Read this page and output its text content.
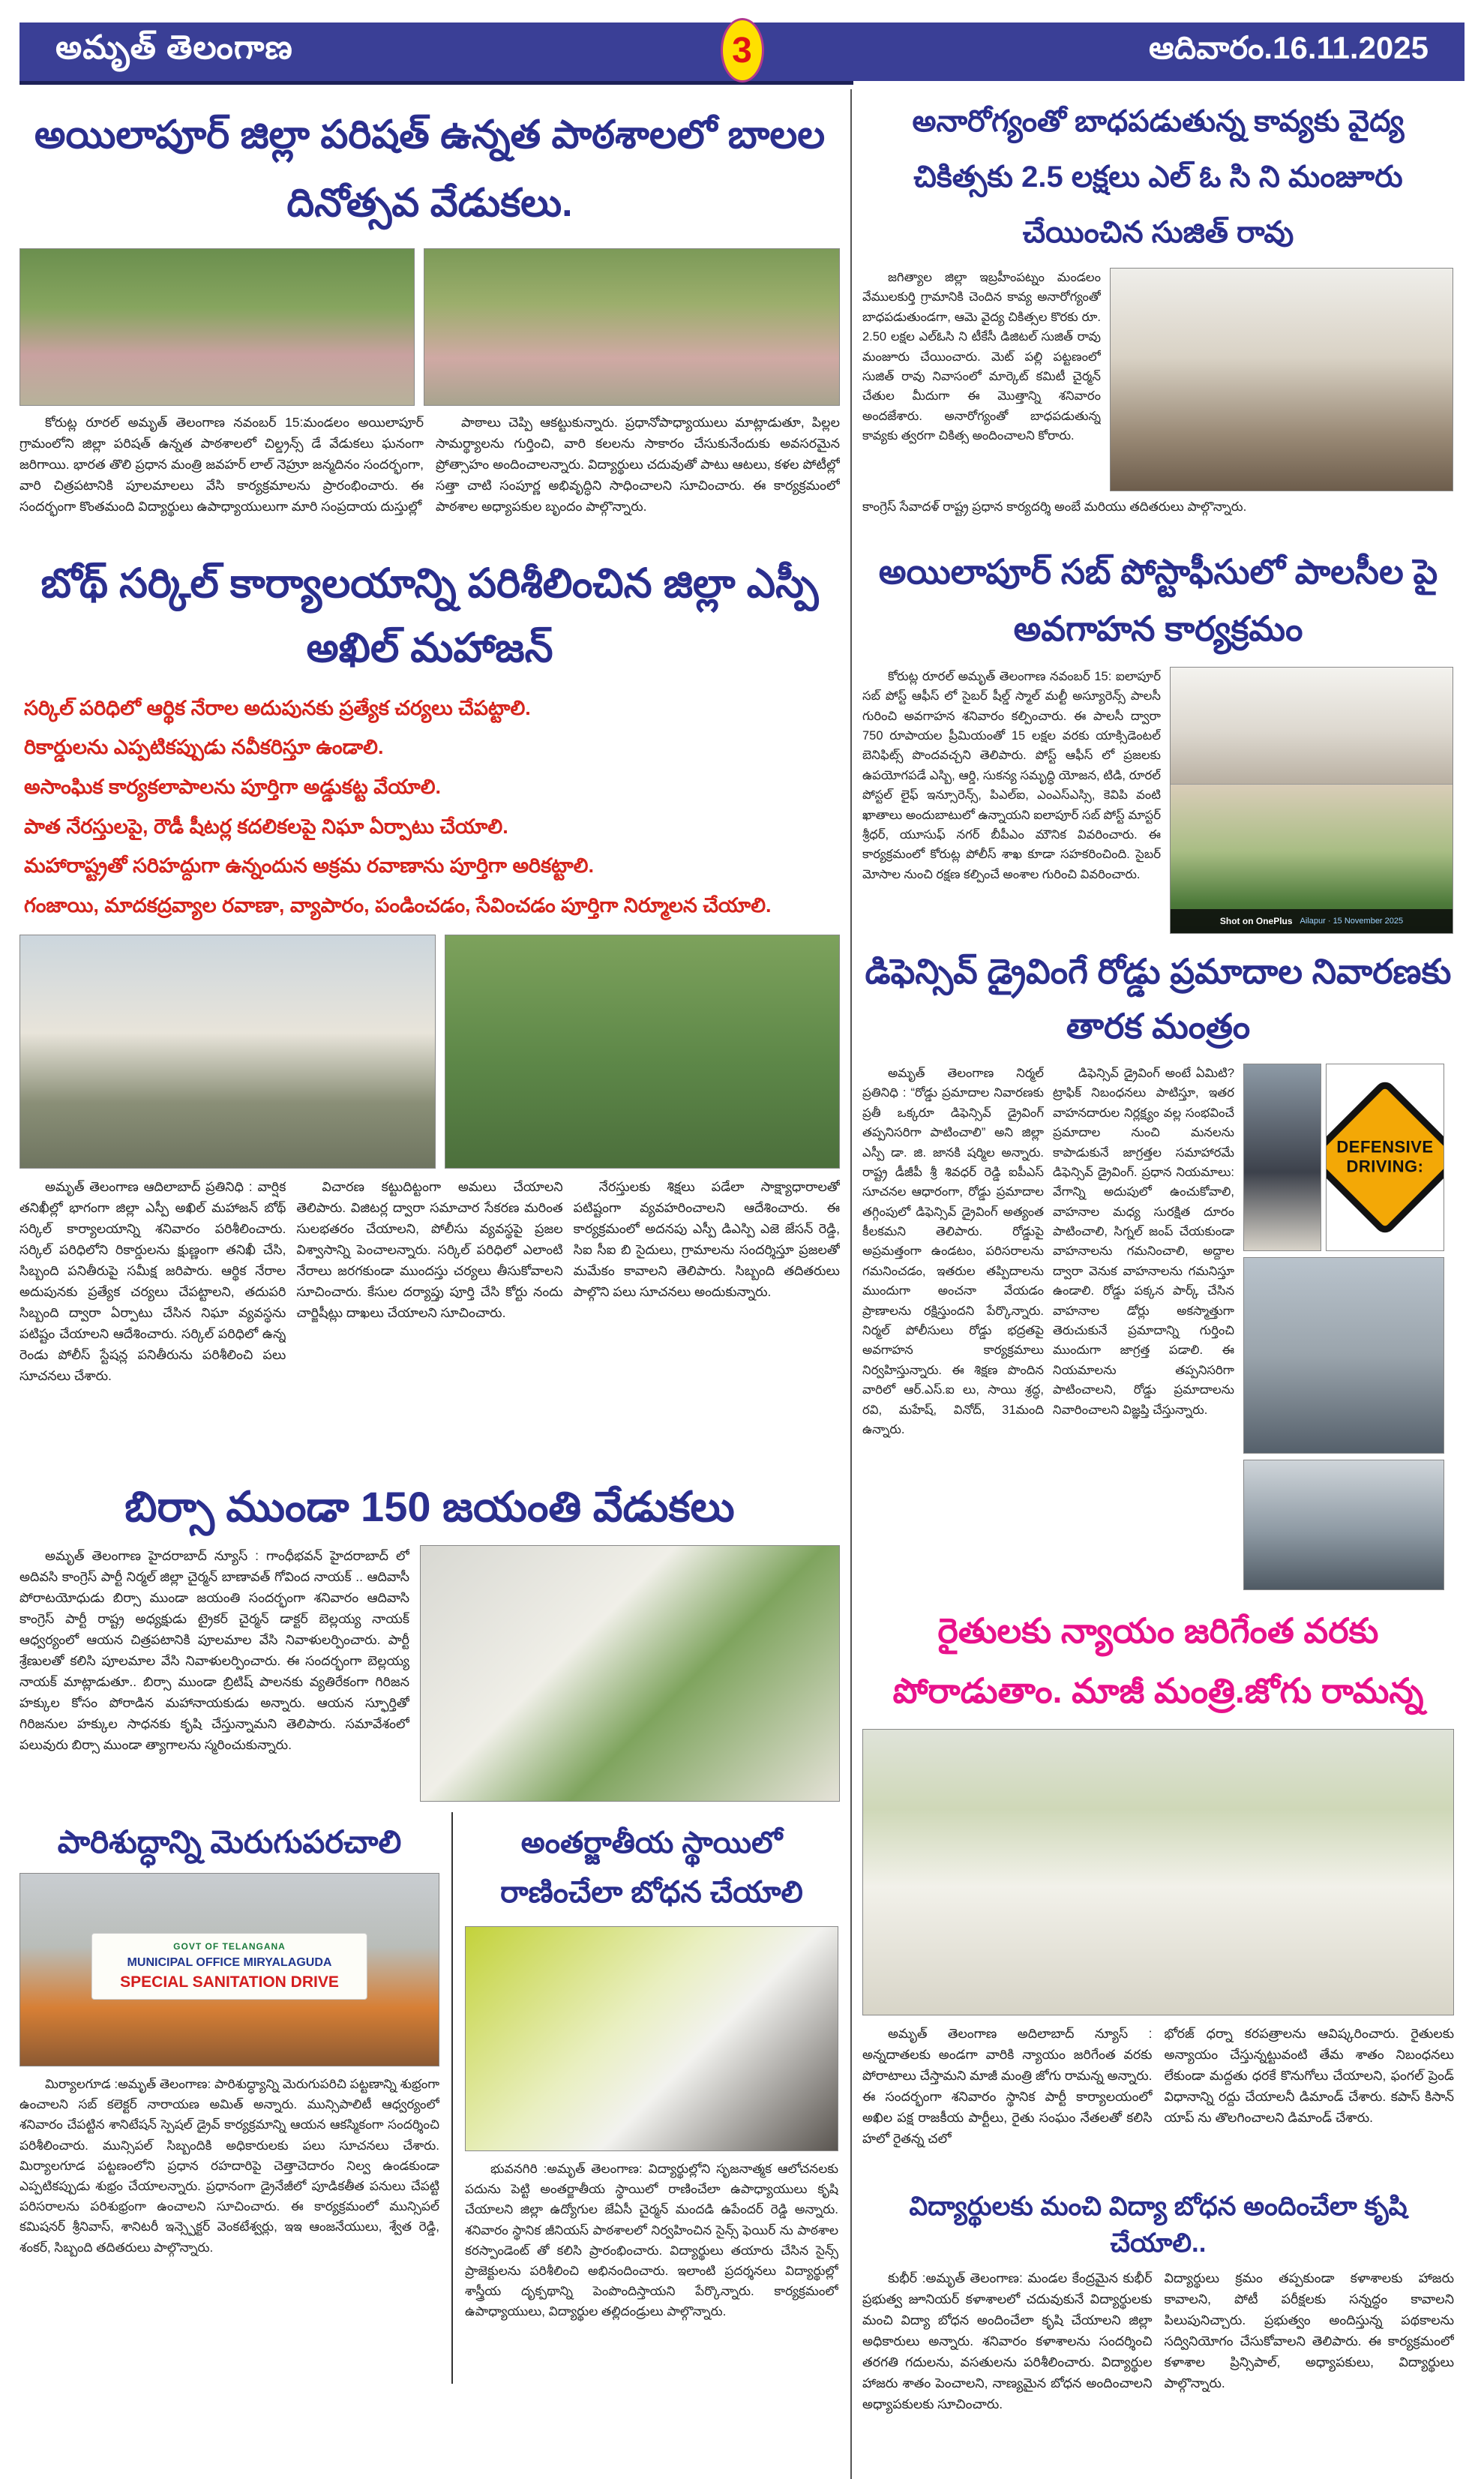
అమృత్ తెలంగాణ	3	ఆదివారం.16.11.2025
అయిలాపూర్ జిల్లా పరిషత్ ఉన్నత పాఠశాలలో బాలల దినోత్సవ వేడుకలు.

కోరుట్ల రూరల్ అమృత్ తెలంగాణ నవంబర్ 15:మండలం అయిలాపూర్ గ్రామంలోని జిల్లా పరిషత్ ఉన్నత పాఠశాలలో చిల్డ్రన్స్ డే వేడుకలు ఘనంగా జరిగాయి. భారత తొలి ప్రధాన మంత్రి జవహర్ లాల్ నెహ్రూ జన్మదినం సందర్భంగా, వారి చిత్రపటానికి పూలమాలలు వేసి కార్యక్రమాలను ప్రారంభించారు. ఈ సందర్భంగా కొంతమంది విద్యార్థులు ఉపాధ్యాయులుగా మారి సంప్రదాయ దుస్తుల్లో

పాఠాలు చెప్పి ఆకట్టుకున్నారు. ప్రధానోపాధ్యాయులు మాట్లాడుతూ, పిల్లల సామర్థ్యాలను గుర్తించి, వారి కలలను సాకారం చేసుకునేందుకు అవసరమైన ప్రోత్సాహం అందించాలన్నారు. విద్యార్థులు చదువుతో పాటు ఆటలు, కళల పోటీల్లో సత్తా చాటి సంపూర్ణ అభివృద్ధిని సాధించాలని సూచించారు. ఈ కార్యక్రమంలో పాఠశాల అధ్యాపకుల బృందం పాల్గొన్నారు.

బోథ్ సర్కిల్ కార్యాలయాన్ని పరిశీలించిన జిల్లా ఎస్పీ అఖిల్ మహాజన్
సర్కిల్ పరిధిలో ఆర్థిక నేరాల అదుపునకు ప్రత్యేక చర్యలు చేపట్టాలి.
రికార్డులను ఎప్పటికప్పుడు నవీకరిస్తూ ఉండాలి.
అసాంఘిక కార్యకలాపాలను పూర్తిగా అడ్డుకట్ట వేయాలి.
పాత నేరస్తులపై, రౌడీ షీటర్ల కదలికలపై నిఘా ఏర్పాటు చేయాలి.
మహారాష్ట్రతో సరిహద్దుగా ఉన్నందున అక్రమ రవాణాను పూర్తిగా అరికట్టాలి.
గంజాయి, మాదకద్రవ్యాల రవాణా, వ్యాపారం, పండించడం, సేవించడం పూర్తిగా నిర్మూలన చేయాలి.

అమృత్ తెలంగాణ ఆదిలాబాద్ ప్రతినిధి : వార్షిక తనిఖీల్లో భాగంగా జిల్లా ఎస్పీ అఖిల్ మహాజన్ బోథ్ సర్కిల్ కార్యాలయాన్ని శనివారం పరిశీలించారు. సర్కిల్ పరిధిలోని రికార్డులను క్షుణ్ణంగా తనిఖీ చేసి, సిబ్బంది పనితీరుపై సమీక్ష జరిపారు. ఆర్థిక నేరాల అదుపునకు ప్రత్యేక చర్యలు చేపట్టాలని, తదుపరి సిబ్బంది ద్వారా ఏర్పాటు చేసిన నిఘా వ్యవస్థను పటిష్టం చేయాలని ఆదేశించారు. సర్కిల్ పరిధిలో ఉన్న రెండు పోలీస్ స్టేషన్ల పనితీరును పరిశీలించి పలు సూచనలు చేశారు.

విచారణ కట్టుదిట్టంగా అమలు చేయాలని తెలిపారు. విజిటర్ల ద్వారా సమాచార సేకరణ మరింత సులభతరం చేయాలని, పోలీసు వ్యవస్థపై ప్రజల విశ్వాసాన్ని పెంచాలన్నారు. సర్కిల్ పరిధిలో ఎలాంటి నేరాలు జరగకుండా ముందస్తు చర్యలు తీసుకోవాలని సూచించారు. కేసుల దర్యాప్తు పూర్తి చేసి కోర్టు నందు చార్జిషీట్లు దాఖలు చేయాలని సూచించారు.

నేరస్తులకు శిక్షలు పడేలా సాక్ష్యాధారాలతో పటిష్టంగా వ్యవహరించాలని ఆదేశించారు. ఈ కార్యక్రమంలో అదనపు ఎస్పీ డిఎస్పి ఎజె జేసన్ రెడ్డి, సిఐ సీఐ బి సైదులు, గ్రామాలను సందర్శిస్తూ ప్రజలతో మమేకం కావాలని తెలిపారు. సిబ్బంది తదితరులు పాల్గొని పలు సూచనలు అందుకున్నారు.

బిర్సా ముండా 150 జయంతి వేడుకలు

అమృత్ తెలంగాణ హైదరాబాద్ న్యూస్ : గాంధీభవన్ హైదరాబాద్ లో అదివసి కాంగ్రెస్ పార్టీ నిర్మల్ జిల్లా చైర్మన్ బాణావత్ గోవింద నాయక్ .. ఆదివాసీ పోరాటయోధుడు బిర్సా ముండా జయంతి సందర్భంగా శనివారం ఆదివాసి కాంగ్రెస్ పార్టీ రాష్ట్ర అధ్యక్షుడు ట్రైకర్ చైర్మన్ డాక్టర్ బెల్లయ్య నాయక్ ఆధ్వర్యంలో ఆయన చిత్రపటానికి పూలమాల వేసి నివాళులర్పించారు. పార్టీ శ్రేణులతో కలిసి పూలమాల వేసి నివాళులర్పించారు. ఈ సందర్భంగా బెల్లయ్య నాయక్ మాట్లాడుతూ.. బిర్సా ముండా బ్రిటిష్ పాలనకు వ్యతిరేకంగా గిరిజన హక్కుల కోసం పోరాడిన మహానాయకుడు అన్నారు. ఆయన స్ఫూర్తితో గిరిజనుల హక్కుల సాధనకు కృషి చేస్తున్నామని తెలిపారు. సమావేశంలో పలువురు బిర్సా ముండా త్యాగాలను స్మరించుకున్నారు.

పారిశుద్ధాన్ని మెరుగుపరచాలి
GOVT OF TELANGANA
MUNICIPAL OFFICE MIRYALAGUDA
SPECIAL SANITATION DRIVE

మిర్యాలగూడ :అమృత్ తెలంగాణ: పారిశుద్ధ్యాన్ని మెరుగుపరిచి పట్టణాన్ని శుభ్రంగా ఉంచాలని సబ్ కలెక్టర్ నారాయణ అమిత్ అన్నారు. మున్సిపాలిటీ ఆధ్వర్యంలో శనివారం చేపట్టిన శానిటేషన్ స్పెషల్ డ్రైవ్ కార్యక్రమాన్ని ఆయన ఆకస్మికంగా సందర్శించి పరిశీలించారు. మున్సిపల్ సిబ్బందికి అధికారులకు పలు సూచనలు చేశారు. మిర్యాలగూడ పట్టణంలోని ప్రధాన రహదారిపై చెత్తాచెదారం నిల్వ ఉండకుండా ఎప్పటికప్పుడు శుభ్రం చేయాలన్నారు. ప్రధానంగా డ్రైనేజీలో పూడికతీత పనులు చేపట్టి పరిసరాలను పరిశుభ్రంగా ఉంచాలని సూచించారు. ఈ కార్యక్రమంలో మున్సిపల్ కమిషనర్ శ్రీనివాస్, శానిటరీ ఇన్స్పెక్టర్ వెంకటేశ్వర్లు, ఇఇ ఆంజనేయులు, శ్వేత రెడ్డి, శంకర్, సిబ్బంది తదితరులు పాల్గొన్నారు.

అంతర్జాతీయ స్థాయిలో
రాణించేలా బోధన చేయాలి

భువనగిరి :అమృత్ తెలంగాణ: విద్యార్థుల్లోని సృజనాత్మక ఆలోచనలకు పదును పెట్టి అంతర్జాతీయ స్థాయిలో రాణించేలా ఉపాధ్యాయులు కృషి చేయాలని జిల్లా ఉద్యోగుల జేఏసీ చైర్మన్ మందడి ఉపేందర్ రెడ్డి అన్నారు. శనివారం స్థానిక జీనియస్ పాఠశాలలో నిర్వహించిన సైన్స్ ఫెయిర్ ను పాఠశాల కరస్పాండెంట్ తో కలిసి ప్రారంభించారు. విద్యార్థులు తయారు చేసిన సైన్స్ ప్రాజెక్టులను పరిశీలించి అభినందించారు. ఇలాంటి ప్రదర్శనలు విద్యార్థుల్లో శాస్త్రీయ దృక్పథాన్ని పెంపొందిస్తాయని పేర్కొన్నారు. కార్యక్రమంలో ఉపాధ్యాయులు, విద్యార్థుల తల్లిదండ్రులు పాల్గొన్నారు.

అనారోగ్యంతో బాధపడుతున్న కావ్యకు వైద్య చికిత్సకు 2.5 లక్షలు ఎల్ ఓ సి ని మంజూరు చేయించిన సుజిత్ రావు

జగిత్యాల జిల్లా ఇబ్రహీంపట్నం మండలం వేములకుర్తి గ్రామానికి చెందిన కావ్య అనారోగ్యంతో బాధపడుతుండగా, ఆమె వైద్య చికిత్సల కొరకు రూ. 2.50 లక్షల ఎల్ఓసి ని టీకేసీ డిజిటల్ సుజిత్ రావు మంజూరు చేయించారు. మెట్ పల్లి పట్టణంలో సుజిత్ రావు నివాసంలో మార్కెట్ కమిటీ చైర్మన్ చేతుల మీదుగా ఈ మొత్తాన్ని శనివారం అందజేశారు. అనారోగ్యంతో బాధపడుతున్న కావ్యకు త్వరగా చికిత్స అందించాలని కోరారు.

కాంగ్రెస్ సేవాదళ్ రాష్ట్ర ప్రధాన కార్యదర్శి అంబే మరియు తదితరులు పాల్గొన్నారు.

అయిలాపూర్ సబ్ పోస్టాఫీసులో పాలసీల పై అవగాహన కార్యక్రమం

కోరుట్ల రూరల్ అమృత్ తెలంగాణ నవంబర్ 15: ఐలాపూర్ సబ్ పోస్ట్ ఆఫీస్ లో సైబర్ షీల్డ్ స్మాల్ మల్టీ అస్యూరెన్స్ పాలసీ గురించి అవగాహన శనివారం కల్పించారు. ఈ పాలసీ ద్వారా 750 రూపాయల ప్రీమియంతో 15 లక్షల వరకు యాక్సిడెంటల్ బెనిఫిట్స్ పొందవచ్చని తెలిపారు. పోస్ట్ ఆఫీస్ లో ప్రజలకు ఉపయోగపడే ఎస్బి, ఆర్డి, సుకన్య సమృద్ధి యోజన, టిడి, రూరల్ పోస్టల్ లైఫ్ ఇన్సూరెన్స్, పిఎల్ఐ, ఎంఎస్ఎస్సి, కెవిపి వంటి ఖాతాలు అందుబాటులో ఉన్నాయని ఐలాపూర్ సబ్ పోస్ట్ మాస్టర్ శ్రీధర్, యూసుఫ్ నగర్ బీపీఎం మౌనిక వివరించారు. ఈ కార్యక్రమంలో కోరుట్ల పోలీస్ శాఖ కూడా సహకరించింది. సైబర్ మోసాల నుంచి రక్షణ కల్పించే అంశాల గురించి వివరించారు.

Shot on OnePlus Ailapur · 15 November 2025
డిఫెన్సివ్ డ్రైవింగే రోడ్డు ప్రమాదాల నివారణకు తారక మంత్రం

అమృత్ తెలంగాణ నిర్మల్ ప్రతినిధి : “రోడ్డు ప్రమాదాల నివారణకు ప్రతీ ఒక్కరూ డిఫెన్సివ్ డ్రైవింగ్ తప్పనిసరిగా పాటించాలి” అని జిల్లా ఎస్పీ డా. జి. జానకి షర్మిల అన్నారు. రాష్ట్ర డీజీపీ శ్రీ శివధర్ రెడ్డి ఐపీఎస్ సూచనల ఆధారంగా, రోడ్డు ప్రమాదాల తగ్గింపులో డిఫెన్సివ్ డ్రైవింగ్ అత్యంత కీలకమని తెలిపారు. రోడ్డుపై అప్రమత్తంగా ఉండటం, పరిసరాలను గమనించడం, ఇతరుల తప్పిదాలను ముందుగా అంచనా వేయడం ప్రాణాలను రక్షిస్తుందని పేర్కొన్నారు. నిర్మల్ పోలీసులు రోడ్డు భద్రతపై అవగాహన కార్యక్రమాలు నిర్వహిస్తున్నారు. ఈ శిక్షణ పొందిన వారిలో ఆర్.ఎస్.ఐ లు, సాయి శ్రద్ధ, రవి, మహేష్, వినోద్, 31మంది ఉన్నారు.

డిఫెన్సివ్ డ్రైవింగ్ అంటే ఏమిటి? ట్రాఫిక్ నిబంధనలు పాటిస్తూ, ఇతర వాహనదారుల నిర్లక్ష్యం వల్ల సంభవించే ప్రమాదాల నుంచి మనలను కాపాడుకునే జాగ్రత్తల సమాహారమే డిఫెన్సివ్ డ్రైవింగ్. ప్రధాన నియమాలు: వేగాన్ని అదుపులో ఉంచుకోవాలి, వాహనాల మధ్య సురక్షిత దూరం పాటించాలి, సిగ్నల్ జంప్ చేయకుండా వాహనాలను గమనించాలి, అద్దాల ద్వారా వెనుక వాహనాలను గమనిస్తూ ఉండాలి. రోడ్డు పక్కన పార్క్ చేసిన వాహనాల డోర్లు అకస్మాత్తుగా తెరుచుకునే ప్రమాదాన్ని గుర్తించి ముందుగా జాగ్రత్త పడాలి. ఈ నియమాలను తప్పనిసరిగా పాటించాలని, రోడ్డు ప్రమాదాలను నివారించాలని విజ్ఞప్తి చేస్తున్నారు.

DEFENSIVE
DRIVING:
రైతులకు న్యాయం జరిగేంత వరకు
పోరాడుతాం. మాజీ మంత్రి.జోగు రామన్న

అమృత్ తెలంగాణ అదిలాబాద్ న్యూస్ : అన్నదాతలకు అండగా వారికి న్యాయం జరిగేంత వరకు పోరాటాలు చేస్తామని మాజీ మంత్రి జోగు రామన్న అన్నారు. ఈ సందర్భంగా శనివారం స్థానిక పార్టీ కార్యాలయంలో అఖిల పక్ష రాజకీయ పార్టీలు, రైతు సంఘం నేతలతో కలిసి హలో రైతన్న చలో

భోరజ్ ధర్నా కరపత్రాలను ఆవిష్కరించారు. రైతులకు అన్యాయం చేస్తున్నట్టువంటి తేమ శాతం నిబంధనలు లేకుండా మద్దతు ధరకే కొనుగోలు చేయాలని, ఫంగల్ ప్రెండ్ విధానాన్ని రద్దు చేయాలనీ డిమాండ్ చేశారు. కపాస్ కిసాన్ యాప్ ను తొలగించాలని డిమాండ్ చేశారు.

విద్యార్థులకు మంచి విద్యా బోధన అందించేలా కృషి చేయాలి..

కుభీర్ :అమృత్ తెలంగాణ: మండల కేంద్రమైన కుభీర్ ప్రభుత్వ జూనియర్ కళాశాలలో చదువుకునే విద్యార్థులకు మంచి విద్యా బోధన అందించేలా కృషి చేయాలని జిల్లా అధికారులు అన్నారు. శనివారం కళాశాలను సందర్శించి తరగతి గదులను, వసతులను పరిశీలించారు. విద్యార్థుల హాజరు శాతం పెంచాలని, నాణ్యమైన బోధన అందించాలని అధ్యాపకులకు సూచించారు.

విద్యార్థులు క్రమం తప్పకుండా కళాశాలకు హాజరు కావాలని, పోటీ పరీక్షలకు సన్నద్ధం కావాలని పిలుపునిచ్చారు. ప్రభుత్వం అందిస్తున్న పథకాలను సద్వినియోగం చేసుకోవాలని తెలిపారు. ఈ కార్యక్రమంలో కళాశాల ప్రిన్సిపాల్, అధ్యాపకులు, విద్యార్థులు పాల్గొన్నారు.
